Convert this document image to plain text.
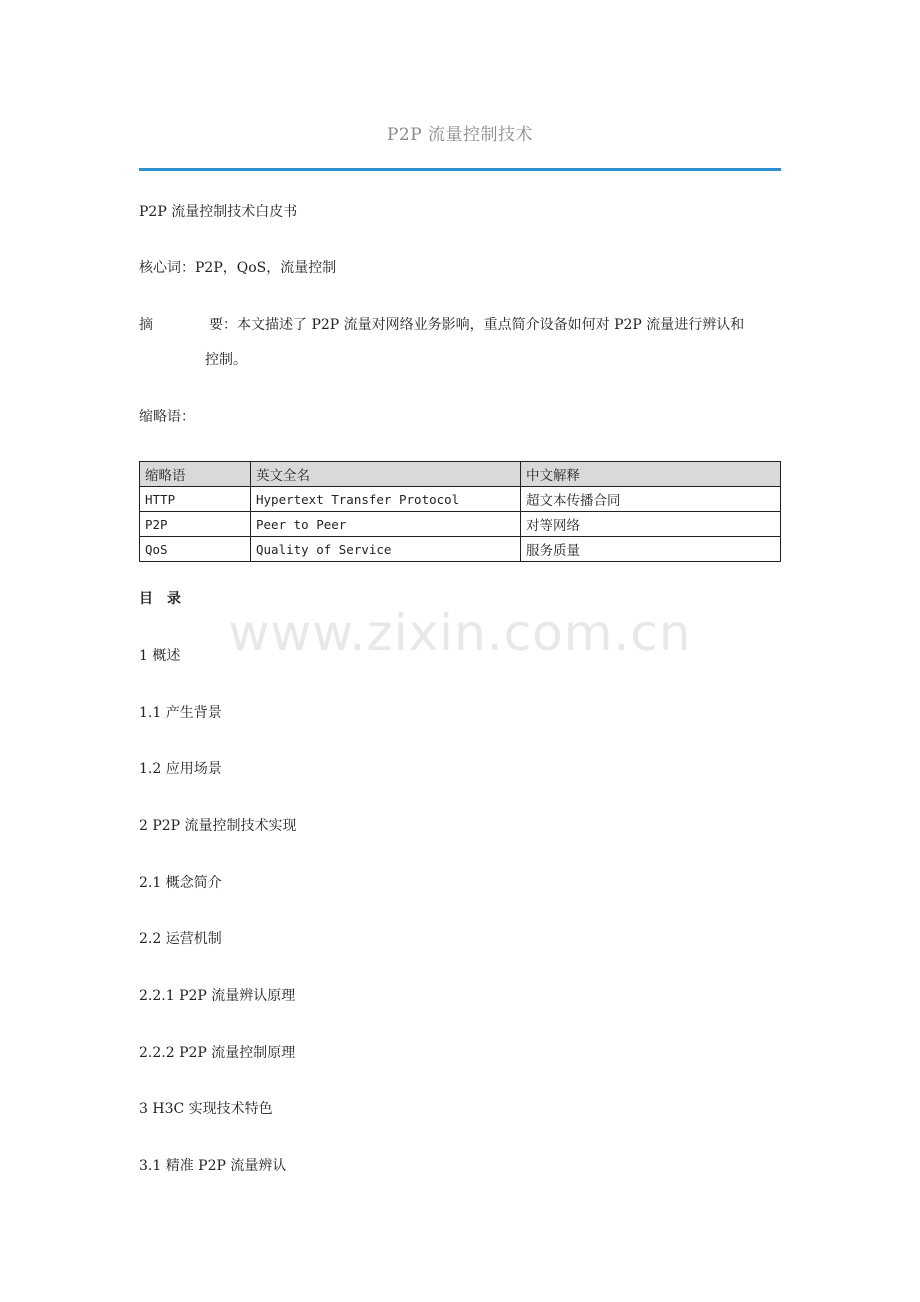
P2P 流量控制技术
P2P 流量控制技术白皮书
核心词：P2P，QoS，流量控制
摘	要：本文描述了 P2P 流量对网络业务影响，重点简介设备如何对 P2P 流量进行辨认和
控制。
缩略语：
缩略语	英文全名	中文解释
HTTP	Hypertext Transfer Protocol	超文本传播合同
P2P	Peer to Peer	对等网络
QoS	Quality of Service	服务质量
目录
www.zixin.com.cn
1 概述
1.1 产生背景
1.2 应用场景
2 P2P 流量控制技术实现
2.1 概念简介
2.2 运营机制
2.2.1 P2P 流量辨认原理
2.2.2 P2P 流量控制原理
3 H3C 实现技术特色
3.1 精准 P2P 流量辨认
